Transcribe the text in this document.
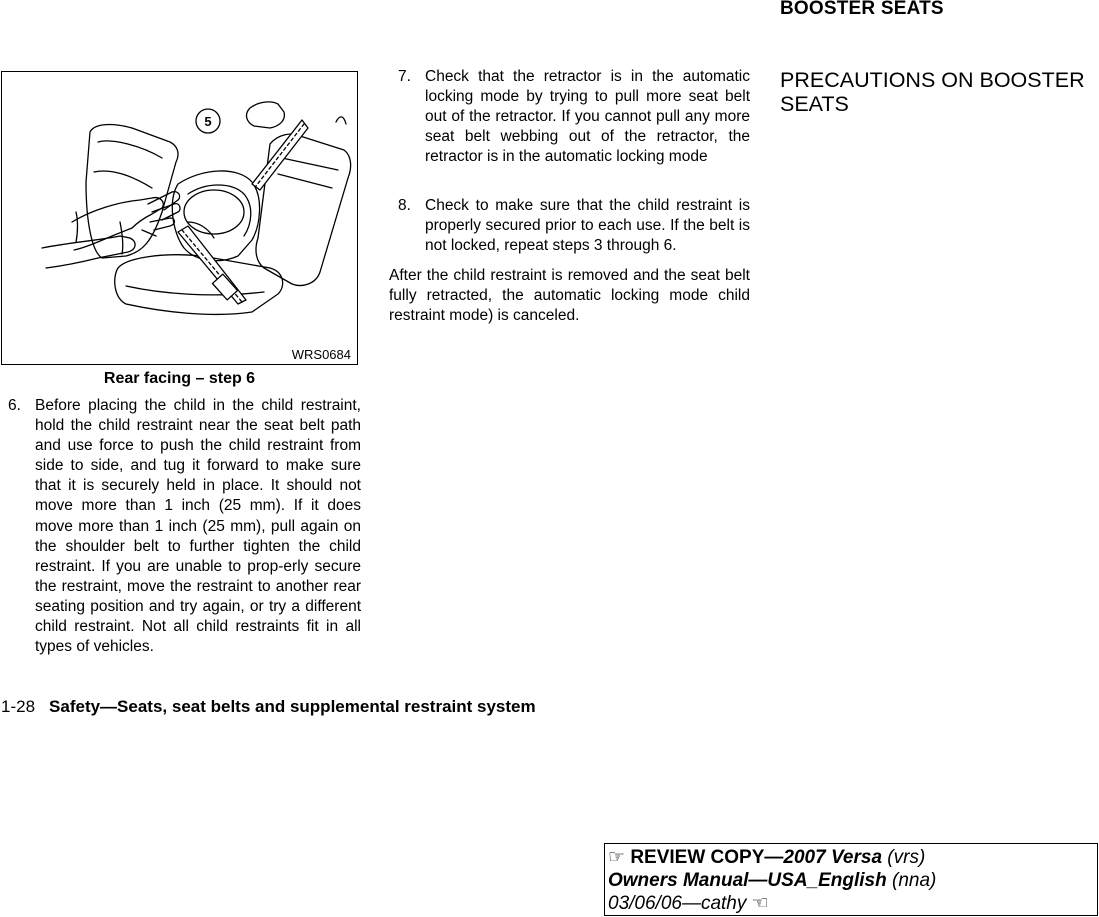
BOOSTER SEATS
5
WRS0684
Rear facing – step 6
6. Before placing the child in the child restraint, hold the child restraint near the seat belt path and use force to push the child restraint from side to side, and tug it forward to make sure that it is securely held in place. It should not move more than 1 inch (25 mm). If it does move more than 1 inch (25 mm), pull again on the shoulder belt to further tighten the child restraint. If you are unable to prop-erly secure the restraint, move the restraint to another rear seating position and try again, or try a different child restraint. Not all child restraints fit in all types of vehicles.
7. Check that the retractor is in the automatic locking mode by trying to pull more seat belt out of the retractor. If you cannot pull any more seat belt webbing out of the retractor, the retractor is in the automatic locking mode
8. Check to make sure that the child restraint is properly secured prior to each use. If the belt is not locked, repeat steps 3 through 6.
After the child restraint is removed and the seat belt fully retracted, the automatic locking mode child restraint mode) is canceled.
PRECAUTIONS ON BOOSTER SEATS
1-28 Safety—Seats, seat belts and supplemental restraint system
☞ REVIEW COPY—2007 Versa (vrs)
Owners Manual—USA_English (nna)
03/06/06—cathy ☜
